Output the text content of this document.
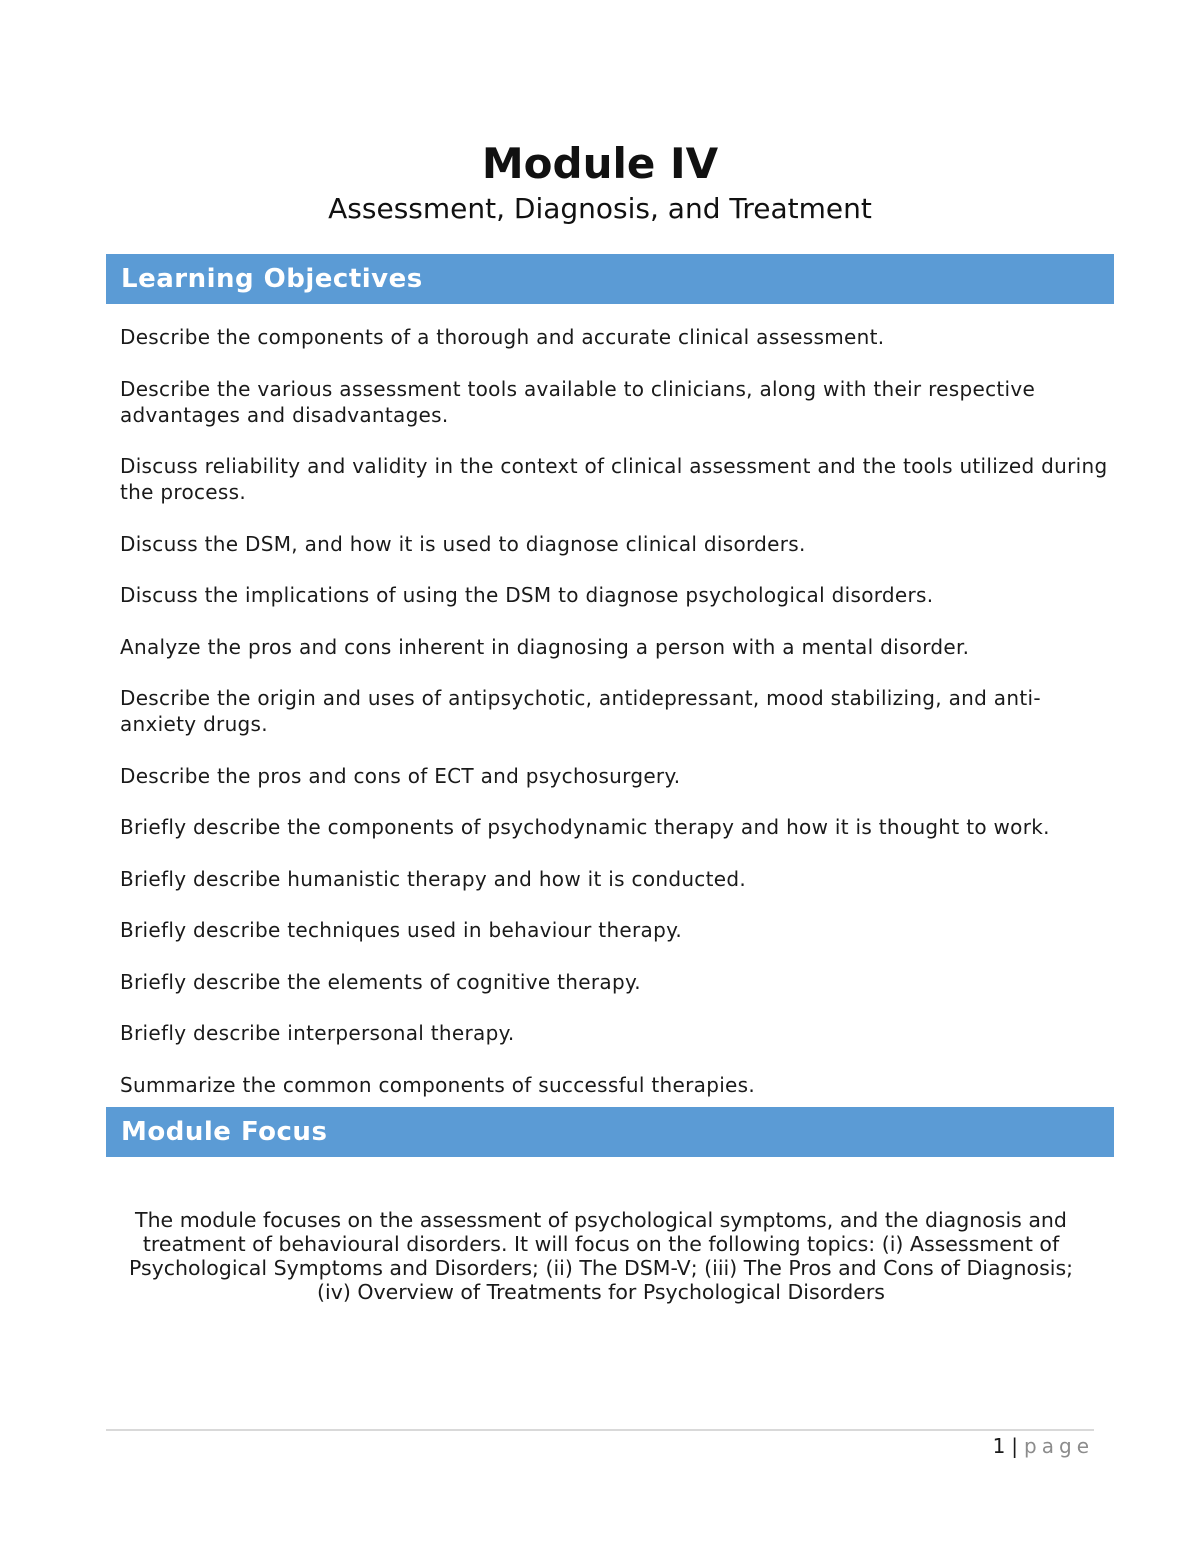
Module IV
Assessment, Diagnosis, and Treatment
Learning Objectives
Describe the components of a thorough and accurate clinical assessment.
Describe the various assessment tools available to clinicians, along with their respective advantages and disadvantages.
Discuss reliability and validity in the context of clinical assessment and the tools utilized during the process.
Discuss the DSM, and how it is used to diagnose clinical disorders.
Discuss the implications of using the DSM to diagnose psychological disorders.
Analyze the pros and cons inherent in diagnosing a person with a mental disorder.
Describe the origin and uses of antipsychotic, antidepressant, mood stabilizing, and anti-anxiety drugs.
Describe the pros and cons of ECT and psychosurgery.
Briefly describe the components of psychodynamic therapy and how it is thought to work.
Briefly describe humanistic therapy and how it is conducted.
Briefly describe techniques used in behaviour therapy.
Briefly describe the elements of cognitive therapy.
Briefly describe interpersonal therapy.
Summarize the common components of successful therapies.
Module Focus

The module focuses on the assessment of psychological symptoms, and the diagnosis and treatment of behavioural disorders. It will focus on the following topics: (i) Assessment of Psychological Symptoms and Disorders; (ii) The DSM-V; (iii) The Pros and Cons of Diagnosis; (iv) Overview of Treatments for Psychological Disorders

1 | page
